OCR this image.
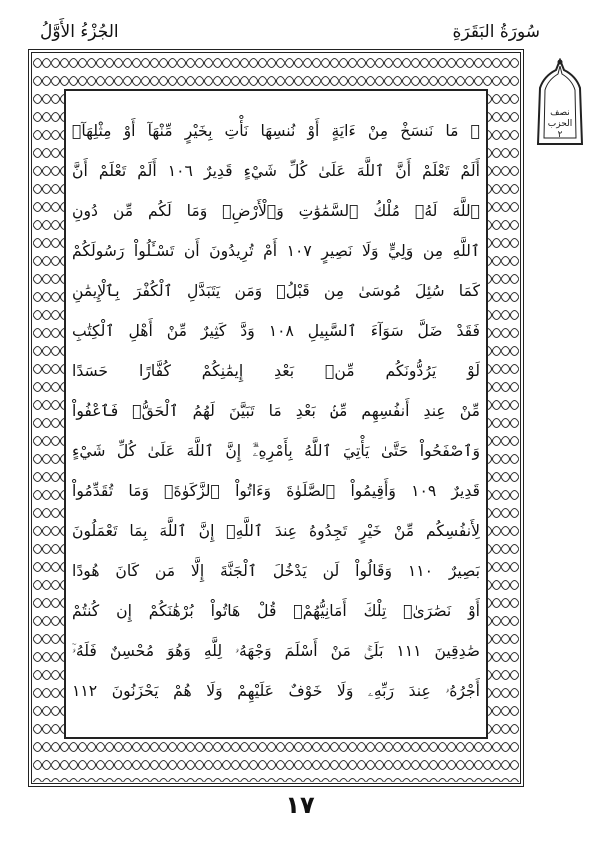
الجُزْءُ الأَوَّلُ	سُورَةُ البَقَرَةِ
نصف
الحزب
٢
۞ مَا نَنسَخْ مِنْ ءَايَةٍ أَوْ نُنسِهَا نَأْتِ بِخَيْرٍ مِّنْهَآ أَوْ مِثْلِهَآۗ
أَلَمْ تَعْلَمْ أَنَّ ٱللَّهَ عَلَىٰ كُلِّ شَيْءٍ قَدِيرٌ ١٠٦ أَلَمْ تَعْلَمْ أَنَّ
ٱللَّهَ لَهُۥ مُلْكُ ٱلسَّمَٰوَٰتِ وَٱلْأَرْضِۗ وَمَا لَكُم مِّن دُونِ
ٱللَّهِ مِن وَلِيٍّ وَلَا نَصِيرٍ ١٠٧ أَمْ تُرِيدُونَ أَن تَسْـَٔلُواْ رَسُولَكُمْ
كَمَا سُئِلَ مُوسَىٰ مِن قَبْلُۗ وَمَن يَتَبَدَّلِ ٱلْكُفْرَ بِٱلْإِيمَٰنِ
فَقَدْ ضَلَّ سَوَآءَ ٱلسَّبِيلِ ١٠٨ وَدَّ كَثِيرٌ مِّنْ أَهْلِ ٱلْكِتَٰبِ
لَوْ يَرُدُّونَكُم مِّنۢ بَعْدِ إِيمَٰنِكُمْ كُفَّارًا حَسَدًا
مِّنْ عِندِ أَنفُسِهِم مِّنۢ بَعْدِ مَا تَبَيَّنَ لَهُمُ ٱلْحَقُّۖ فَٱعْفُواْ
وَٱصْفَحُواْ حَتَّىٰ يَأْتِيَ ٱللَّهُ بِأَمْرِهِۦٓۗ إِنَّ ٱللَّهَ عَلَىٰ كُلِّ شَيْءٍ
قَدِيرٌ ١٠٩ وَأَقِيمُواْ ٱلصَّلَوٰةَ وَءَاتُواْ ٱلزَّكَوٰةَۚ وَمَا تُقَدِّمُواْ
لِأَنفُسِكُم مِّنْ خَيْرٍ تَجِدُوهُ عِندَ ٱللَّهِۗ إِنَّ ٱللَّهَ بِمَا تَعْمَلُونَ
بَصِيرٌ ١١٠ وَقَالُواْ لَن يَدْخُلَ ٱلْجَنَّةَ إِلَّا مَن كَانَ هُودًا
أَوْ نَصَٰرَىٰۗ تِلْكَ أَمَانِيُّهُمْۗ قُلْ هَاتُواْ بُرْهَٰنَكُمْ إِن كُنتُمْ
صَٰدِقِينَ ١١١ بَلَىٰۚ مَنْ أَسْلَمَ وَجْهَهُۥ لِلَّهِ وَهُوَ مُحْسِنٌ فَلَهُۥٓ
أَجْرُهُۥ عِندَ رَبِّهِۦ وَلَا خَوْفٌ عَلَيْهِمْ وَلَا هُمْ يَحْزَنُونَ ١١٢
١٧
